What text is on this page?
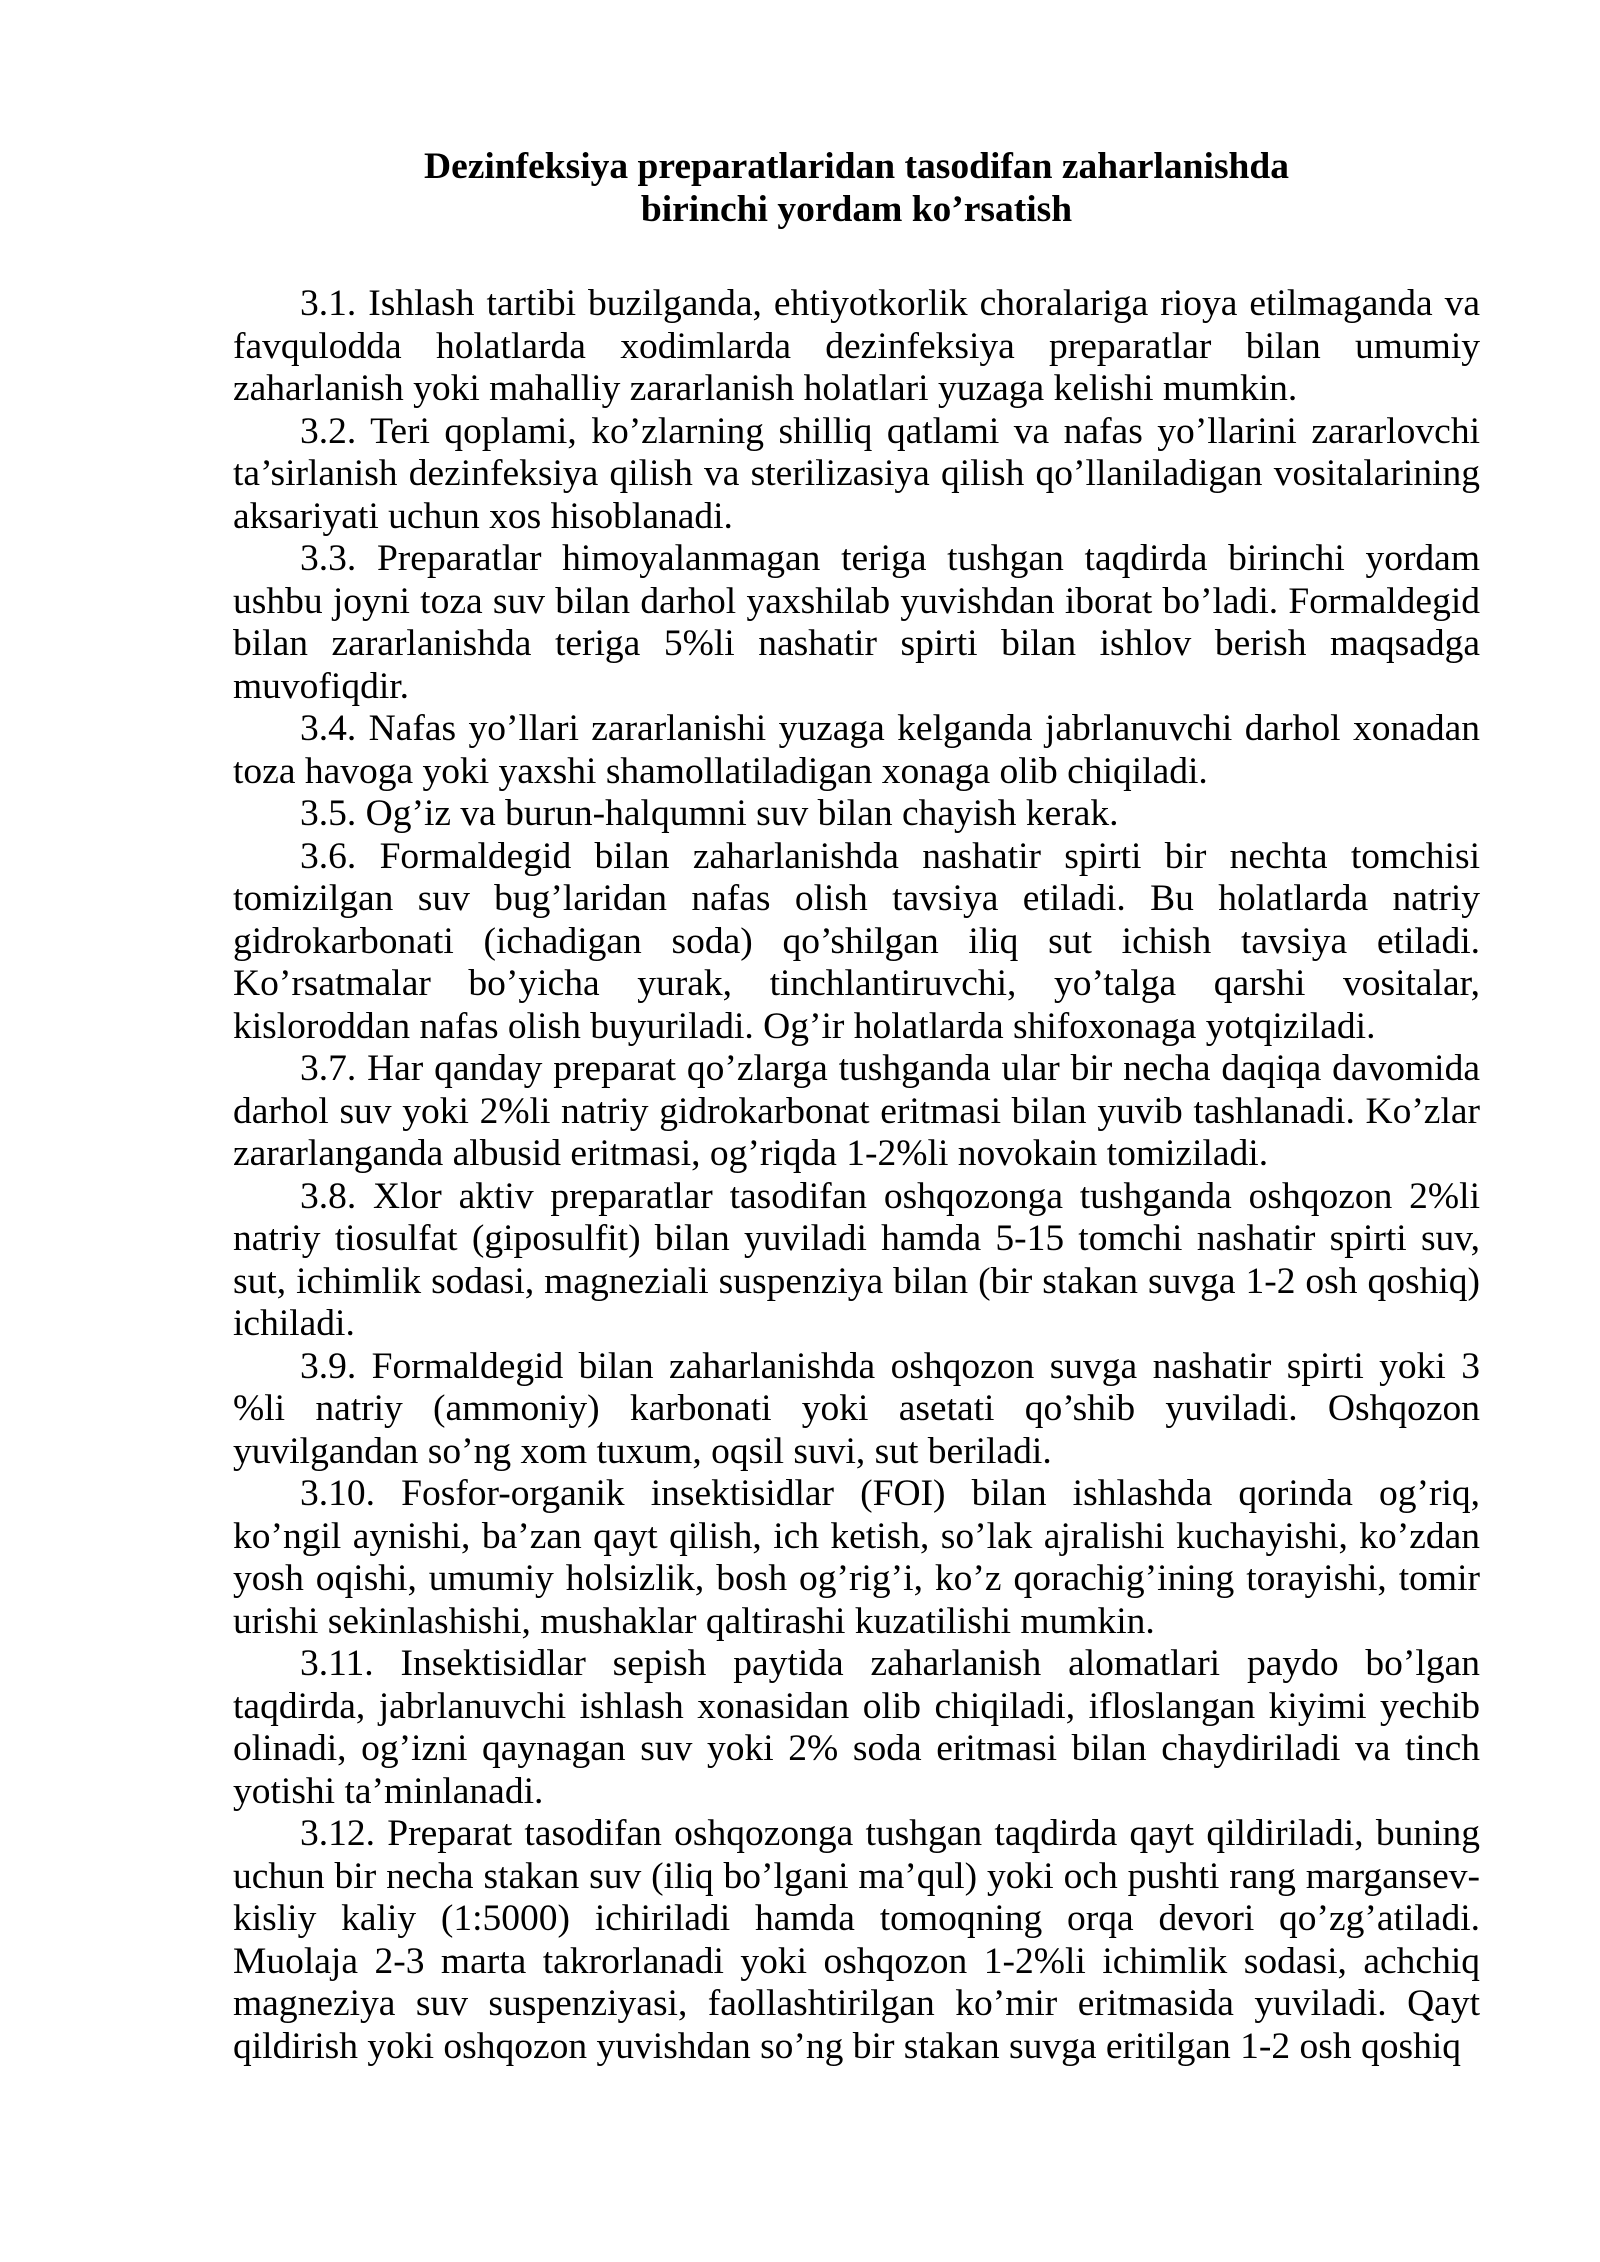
Dezinfeksiya preparatlaridan tasodifan zaharlanishda
birinchi yordam ko’rsatish

3.1. Ishlash tartibi buzilganda, ehtiyotkorlik choralariga rioya etilmaganda va favqulodda holatlarda xodimlarda dezinfeksiya preparatlar bilan umumiy zaharlanish yoki mahalliy zararlanish holatlari yuzaga kelishi mumkin.

3.2. Teri qoplami, ko’zlarning shilliq qatlami va nafas yo’llarini zararlovchi ta’sirlanish dezinfeksiya qilish va sterilizasiya qilish qo’llaniladigan vositalarining aksariyati uchun xos hisoblanadi.

3.3. Preparatlar himoyalanmagan teriga tushgan taqdirda birinchi yordam ushbu joyni toza suv bilan darhol yaxshilab yuvishdan iborat bo’ladi. Formaldegid bilan zararlanishda teriga 5%li nashatir spirti bilan ishlov berish maqsadga muvofiqdir.

3.4. Nafas yo’llari zararlanishi yuzaga kelganda jabrlanuvchi darhol xonadan toza havoga yoki yaxshi shamollatiladigan xonaga olib chiqiladi.

3.5. Og’iz va burun-halqumni suv bilan chayish kerak.

3.6. Formaldegid bilan zaharlanishda nashatir spirti bir nechta tomchisi tomizilgan suv bug’laridan nafas olish tavsiya etiladi. Bu holatlarda natriy gidrokarbonati (ichadigan soda) qo’shilgan iliq sut ichish tavsiya etiladi. Ko’rsatmalar bo’yicha yurak, tinchlantiruvchi, yo’talga qarshi vositalar, kisloroddan nafas olish buyuriladi. Og’ir holatlarda shifoxonaga yotqiziladi.

3.7. Har qanday preparat qo’zlarga tushganda ular bir necha daqiqa davomida darhol suv yoki 2%li natriy gidrokarbonat eritmasi bilan yuvib tashlanadi. Ko’zlar zararlanganda albusid eritmasi, og’riqda 1-2%li novokain tomiziladi.

3.8. Xlor aktiv preparatlar tasodifan oshqozonga tushganda oshqozon 2%li natriy tiosulfat (giposulfit) bilan yuviladi hamda 5-15 tomchi nashatir spirti suv, sut, ichimlik sodasi, magneziali suspenziya bilan (bir stakan suvga 1-2 osh qoshiq) ichiladi.

3.9. Formaldegid bilan zaharlanishda oshqozon suvga nashatir spirti yoki 3 %li natriy (ammoniy) karbonati yoki asetati qo’shib yuviladi. Oshqozon yuvilgandan so’ng xom tuxum, oqsil suvi, sut beriladi.

3.10. Fosfor-organik insektisidlar (FOI) bilan ishlashda qorinda og’riq, ko’ngil aynishi, ba’zan qayt qilish, ich ketish, so’lak ajralishi kuchayishi, ko’zdan yosh oqishi, umumiy holsizlik, bosh og’rig’i, ko’z qorachig’ining torayishi, tomir urishi sekinlashishi, mushaklar qaltirashi kuzatilishi mumkin.

3.11. Insektisidlar sepish paytida zaharlanish alomatlari paydo bo’lgan taqdirda, jabrlanuvchi ishlash xonasidan olib chiqiladi, ifloslangan kiyimi yechib olinadi, og’izni qaynagan suv yoki 2% soda eritmasi bilan chaydiriladi va tinch yotishi ta’minlanadi.

3.12. Preparat tasodifan oshqozonga tushgan taqdirda qayt qildiriladi, buning uchun bir necha stakan suv (iliq bo’lgani ma’qul) yoki och pushti rang margansev-kisliy kaliy (1:5000) ichiriladi hamda tomoqning orqa devori qo’zg’atiladi. Muolaja 2-3 marta takrorlanadi yoki oshqozon 1-2%li ichimlik sodasi, achchiq magneziya suv suspenziyasi, faollashtirilgan ko’mir eritmasida yuviladi. Qayt qildirish yoki oshqozon yuvishdan so’ng bir stakan suvga eritilgan 1-2 osh qoshiq
